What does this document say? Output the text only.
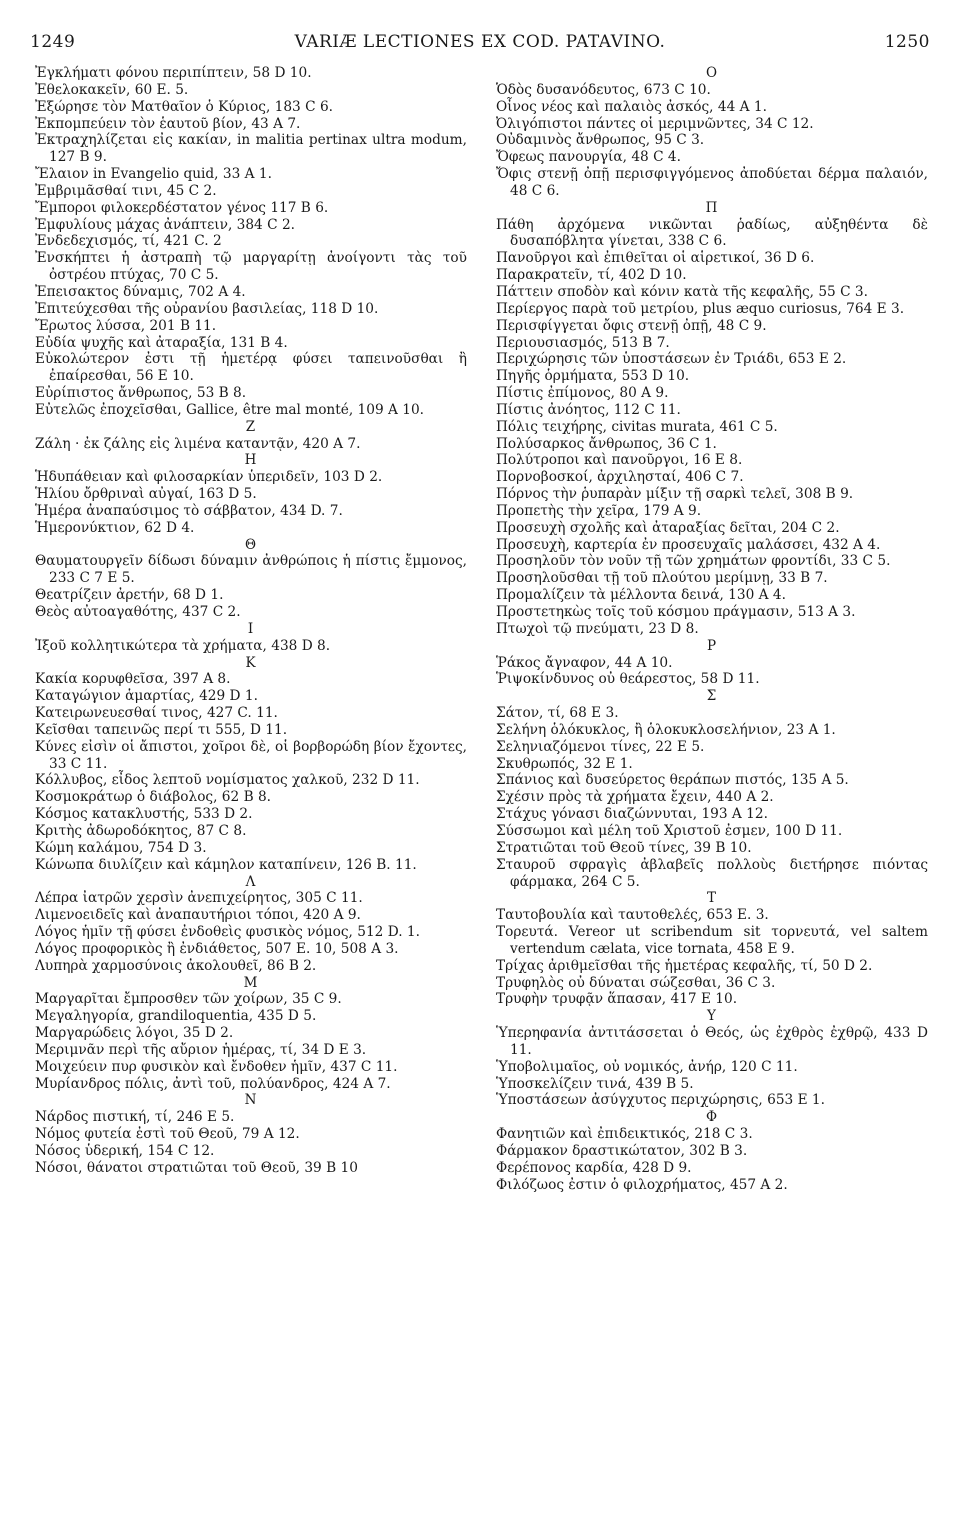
1249	VARIÆ LECTIONES EX COD. PATAVINO.	1250

Ἐγκλήματι φόνου περιπίπτειν, 58 D 10.

Ἐθελοκακεῖν, 60 E. 5.

Ἐξώρησε τὸν Ματθαῖον ὁ Κύριος, 183 C 6.

Ἐκπομπεύειν τὸν ἑαυτοῦ βίον, 43 A 7.

Ἐκτραχηλίζεται εἰς κακίαν, in malitia pertinax ultra modum, 127 B 9.

Ἔλαιον in Evangelio quid, 33 A 1.

Ἐμβριμᾶσθαί τινι, 45 C 2.

Ἔμποροι φιλοκερδέστατον γένος 117 B 6.

Ἐμφυλίους μάχας ἀνάπτειν, 384 C 2.

Ἐνδεδεχισμός, τί, 421 C. 2

Ἐνσκήπτει ἡ ἀστραπὴ τῷ μαργαρίτῃ ἀνοίγοντι τὰς τοῦ ὀστρέου πτύχας, 70 C 5.

Ἐπεισακτος δύναμις, 702 A 4.

Ἐπιτεύχεσθαι τῆς οὐρανίου βασιλείας, 118 D 10.

Ἔρωτος λύσσα, 201 B 11.

Εὐδία ψυχῆς καὶ ἀταραξία, 131 B 4.

Εὐκολώτερον ἐστι τῇ ἡμετέρᾳ φύσει ταπεινοῦσθαι ἢ ἐπαίρεσθαι, 56 E 10.

Εὐρίπιστος ἄνθρωπος, 53 B 8.

Εὐτελῶς ἐποχεῖσθαι, Gallice, être mal monté, 109 A 10.

Z

Ζάλη · ἐκ ζάλης εἰς λιμένα καταντᾷν, 420 A 7.

H

Ἡδυπάθειαν καὶ φιλοσαρκίαν ὑπεριδεῖν, 103 D 2.

Ἡλίου ὄρθριναὶ αὐγαί, 163 D 5.

Ἡμέρα ἀναπαύσιμος τὸ σάββατον, 434 D. 7.

Ἡμερονύκτιον, 62 D 4.

Θ

Θαυματουργεῖν δίδωσι δύναμιν ἀνθρώποις ἡ πίστις ἔμμονος, 233 C 7 E 5.

Θεατρίζειν ἀρετήν, 68 D 1.

Θεὸς αὐτοαγαθότης, 437 C 2.

I

Ἰξοῦ κολλητικώτερα τὰ χρήματα, 438 D 8.

K

Κακία κορυφθεῖσα, 397 A 8.

Καταγώγιον ἁμαρτίας, 429 D 1.

Κατειρωνευεσθαί τινος, 427 C. 11.

Κεῖσθαι ταπεινῶς περί τι 555, D 11.

Κύνες εἰσὶν οἱ ἄπιστοι, χοῖροι δὲ, οἱ βορβορώδη βίον ἔχοντες, 33 C 11.

Κόλλυβος, εἶδος λεπτοῦ νομίσματος χαλκοῦ, 232 D 11.

Κοσμοκράτωρ ὁ διάβολος, 62 B 8.

Κόσμος κατακλυστής, 533 D 2.

Κριτὴς ἀδωροδόκητος, 87 C 8.

Κώμη καλάμου, 754 D 3.

Κώνωπα διυλίζειν καὶ κάμηλον καταπίνειν, 126 B. 11.

Λ

Λέπρα ἰατρῶν χερσὶν ἀνεπιχείρητος, 305 C 11.

Λιμενοειδεῖς καὶ ἀναπαυτήριοι τόποι, 420 A 9.

Λόγος ἡμῖν τῇ φύσει ἐνδοθεὶς φυσικὸς νόμος, 512 D. 1.

Λόγος προφορικὸς ἢ ἐνδιάθετος, 507 E. 10, 508 A 3.

Λυπηρὰ χαρμοσύνοις ἀκολουθεῖ, 86 B 2.

M

Μαργαρῖται ἔμπροσθεν τῶν χοίρων, 35 C 9.

Μεγαληγορία, grandiloquentia, 435 D 5.

Μαργαρώδεις λόγοι, 35 D 2.

Μεριμνᾶν περὶ τῆς αὔριον ἡμέρας, τί, 34 D E 3.

Μοιχεύειν πυρ φυσικὸν καὶ ἔνδοθεν ἡμῖν, 437 C 11.

Μυρίανδρος πόλις, ἀντὶ τοῦ, πολύανδρος, 424 A 7.

N

Νάρδος πιστική, τί, 246 E 5.

Νόμος φυτεία ἐστὶ τοῦ Θεοῦ, 79 A 12.

Νόσος ὑδερική, 154 C 12.

Νόσοι, θάνατοι στρατιῶται τοῦ Θεοῦ, 39 B 10

O

Ὁδὸς δυσανόδευτος, 673 C 10.

Οἶνος νέος καὶ παλαιὸς ἀσκός, 44 A 1.

Ὀλιγόπιστοι πάντες οἱ μεριμνῶντες, 34 C 12.

Οὐδαμινὸς ἄνθρωπος, 95 C 3.

Ὄφεως πανουργία, 48 C 4.

Ὄφις στενῇ ὀπῇ περισφιγγόμενος ἀποδύεται δέρμα παλαιόν, 48 C 6.

Π

Πάθη ἀρχόμενα νικῶνται ῥαδίως, αὐξηθέντα δὲ δυσαπόβλητα γίνεται, 338 C 6.

Πανοῦργοι καὶ ἐπιθεῖται οἱ αἱρετικοί, 36 D 6.

Παρακρατεῖν, τί, 402 D 10.

Πάττειν σποδὸν καὶ κόνιν κατὰ τῆς κεφαλῆς, 55 C 3.

Περίεργος παρὰ τοῦ μετρίου, plus æquo curiosus, 764 E 3.

Περισφίγγεται ὄφις στενῇ ὀπῇ, 48 C 9.

Περιουσιασμός, 513 B 7.

Περιχώρησις τῶν ὑποστάσεων ἐν Τριάδι, 653 E 2.

Πηγῆς ὁρμήματα, 553 D 10.

Πίστις ἐπίμονος, 80 A 9.

Πίστις ἀνόητος, 112 C 11.

Πόλις τειχήρης, civitas murata, 461 C 5.

Πολύσαρκος ἄνθρωπος, 36 C 1.

Πολύτροποι καὶ πανοῦργοι, 16 E 8.

Πορνοβοσκοί, ἀρχιλησταί, 406 C 7.

Πόρνος τὴν ῥυπαρὰν μίξιν τῇ σαρκὶ τελεῖ, 308 B 9.

Προπετὴς τὴν χεῖρα, 179 A 9.

Προσευχὴ σχολῆς καὶ ἀταραξίας δεῖται, 204 C 2.

Προσευχὴ, καρτερία ἐν προσευχαῖς μαλάσσει, 432 A 4.

Προσηλοῦν τὸν νοῦν τῇ τῶν χρημάτων φροντίδι, 33 C 5.

Προσηλοῦσθαι τῇ τοῦ πλούτου μερίμνῃ, 33 B 7.

Προμαλίζειν τὰ μέλλοντα δεινά, 130 A 4.

Προστετηκὼς τοῖς τοῦ κόσμου πράγμασιν, 513 A 3.

Πτωχοὶ τῷ πνεύματι, 23 D 8.

P

Ῥάκος ἄγναφον, 44 A 10.

Ῥιψοκίνδυνος οὐ θεάρεστος, 58 D 11.

Σ

Σάτον, τί, 68 E 3.

Σελήνη ὁλόκυκλος, ἢ ὁλοκυκλοσελήνιον, 23 A 1.

Σεληνιαζόμενοι τίνες, 22 E 5.

Σκυθρωπός, 32 E 1.

Σπάνιος καὶ δυσεύρετος θεράπων πιστός, 135 A 5.

Σχέσιν πρὸς τὰ χρήματα ἔχειν, 440 A 2.

Στάχυς γόνασι διαζώννυται, 193 A 12.

Σύσσωμοι καὶ μέλη τοῦ Χριστοῦ ἐσμεν, 100 D 11.

Στρατιῶται τοῦ Θεοῦ τίνες, 39 B 10.

Σταυροῦ σφραγὶς ἀβλαβεῖς πολλοὺς διετήρησε πιόντας φάρμακα, 264 C 5.

T

Ταυτοβουλία καὶ ταυτοθελές, 653 E. 3.

Τορευτά. Vereor ut scribendum sit τορνευτά, vel saltem vertendum cælata, vice tornata, 458 E 9.

Τρίχας ἀριθμεῖσθαι τῆς ἡμετέρας κεφαλῆς, τί, 50 D 2.

Τρυφηλὸς οὐ δύναται σώζεσθαι, 36 C 3.

Τρυφὴν τρυφᾷν ἅπασαν, 417 E 10.

Y

Ὑπερηφανία ἀντιτάσσεται ὁ Θεός, ὡς ἐχθρὸς ἐχθρῷ, 433 D 11.

Ὑποβολιμαῖος, οὐ νομικός, ἀνήρ, 120 C 11.

Ὑποσκελίζειν τινά, 439 B 5.

Ὑποστάσεων ἀσύγχυτος περιχώρησις, 653 E 1.

Φ

Φανητιῶν καὶ ἐπιδεικτικός, 218 C 3.

Φάρμακον δραστικώτατον, 302 B 3.

Φερέπονος καρδία, 428 D 9.

Φιλόζωος ἐστιν ὁ φιλοχρήματος, 457 A 2.
